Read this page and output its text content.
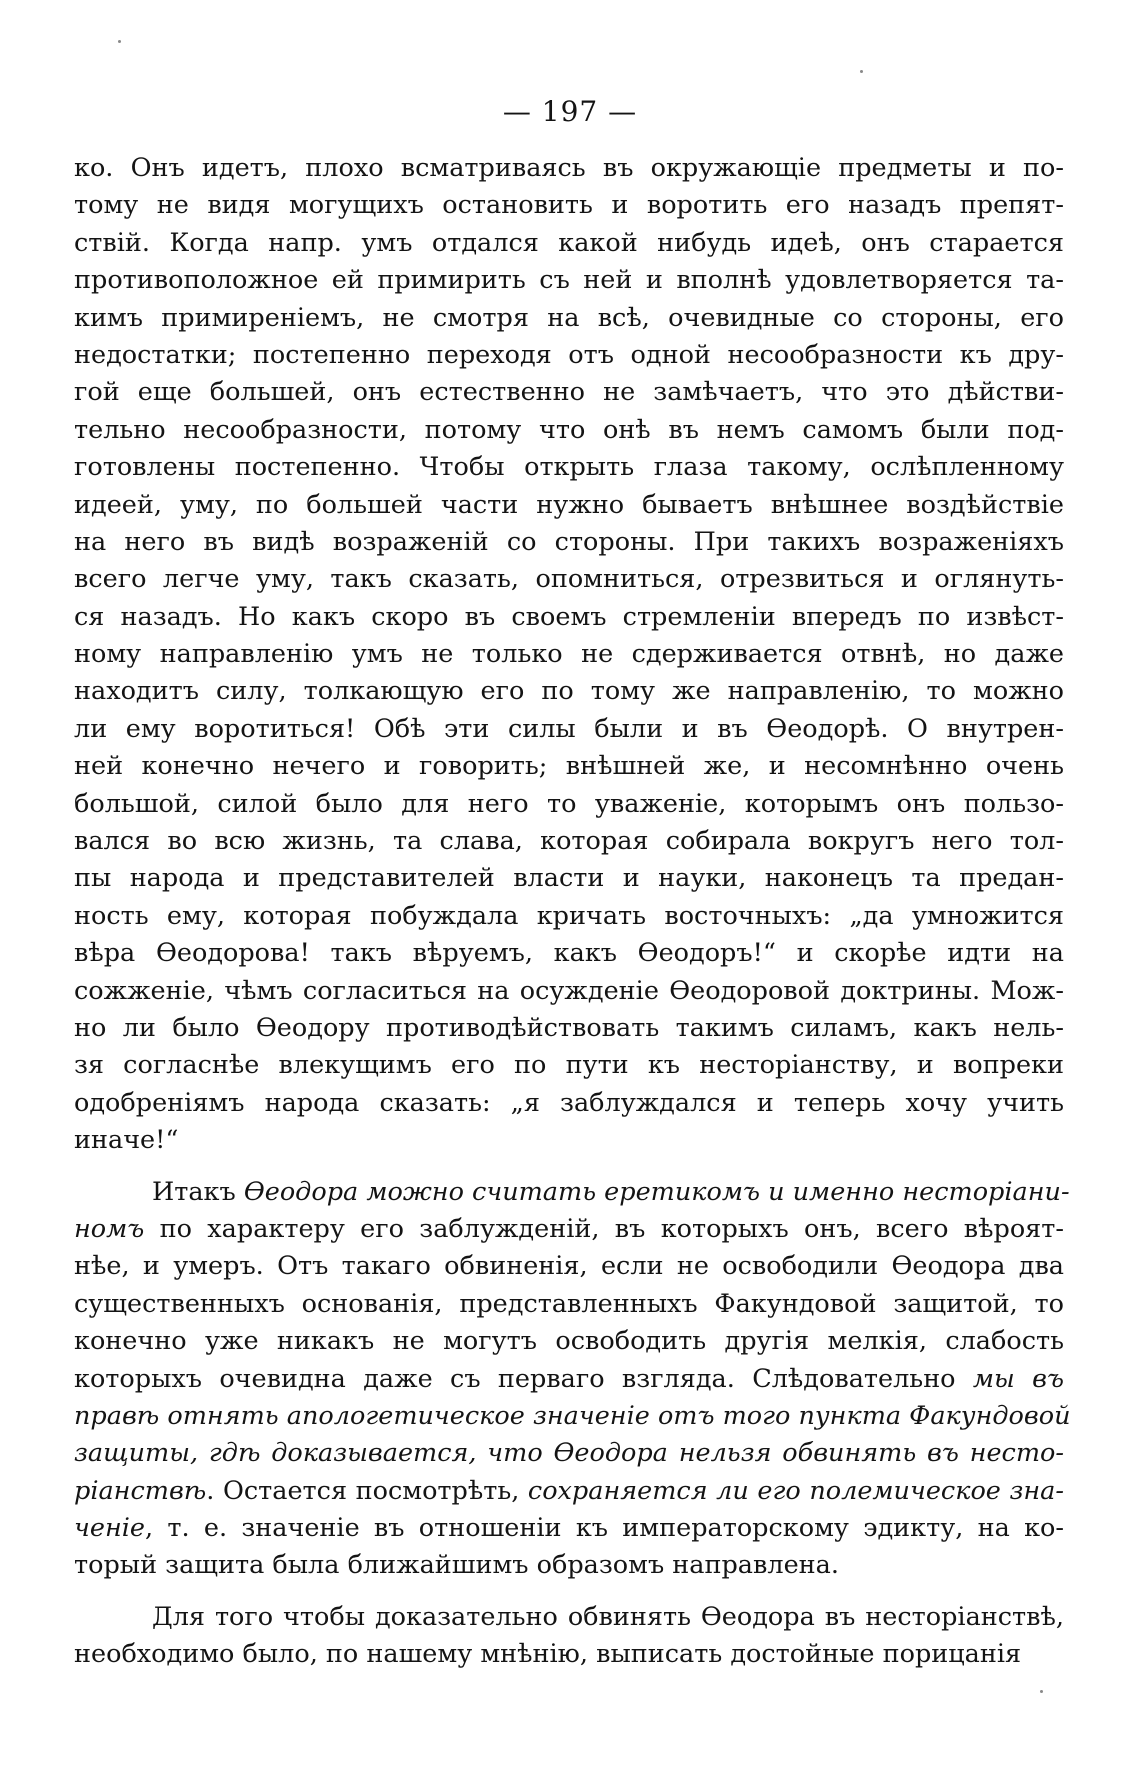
— 197 —
ко. Онъ идетъ, плохо всматриваясь въ окружающіе предметы и по-
тому не видя могущихъ остановить и воротить его назадъ препят-
ствій. Когда напр. умъ отдался какой нибудь идеѣ, онъ старается
противоположное ей примирить съ ней и вполнѣ удовлетворяется та-
кимъ примиреніемъ, не смотря на всѣ, очевидные со стороны, его
недостатки; постепенно переходя отъ одной несообразности къ дру-
гой еще большей, онъ естественно не замѣчаетъ, что это дѣйстви-
тельно несообразности, потому что онѣ въ немъ самомъ были под-
готовлены постепенно. Чтобы открыть глаза такому, ослѣпленному
идеей, уму, по большей части нужно бываетъ внѣшнее воздѣйствіе
на него въ видѣ возраженій со стороны. При такихъ возраженіяхъ
всего легче уму, такъ сказать, опомниться, отрезвиться и оглянуть-
ся назадъ. Но какъ скоро въ своемъ стремленіи впередъ по извѣст-
ному направленію умъ не только не сдерживается отвнѣ, но даже
находитъ силу, толкающую его по тому же направленію, то можно
ли ему воротиться! Обѣ эти силы были и въ Ѳеодорѣ. О внутрен-
ней конечно нечего и говорить; внѣшней же, и несомнѣнно очень
большой, силой было для него то уваженіе, которымъ онъ пользо-
вался во всю жизнь, та слава, которая собирала вокругъ него тол-
пы народа и представителей власти и науки, наконецъ та предан-
ность ему, которая побуждала кричать восточныхъ: „да умножится
вѣра Ѳеодорова! такъ вѣруемъ, какъ Ѳеодоръ!“ и скорѣе идти на
сожженіе, чѣмъ согласиться на осужденіе Ѳеодоровой доктрины. Мож-
но ли было Ѳеодору противодѣйствовать такимъ силамъ, какъ нель-
зя согласнѣе влекущимъ его по пути къ несторіанству, и вопреки
одобреніямъ народа сказать: „я заблуждался и теперь хочу учить
иначе!“
Итакъ Ѳеодора можно считать еретикомъ и именно несторіани-
номъ по характеру его заблужденій, въ которыхъ онъ, всего вѣроят-
нѣе, и умеръ. Отъ такаго обвиненія, если не освободили Ѳеодора два
существенныхъ основанія, представленныхъ Факундовой защитой, то
конечно уже никакъ не могутъ освободить другія мелкія, слабость
которыхъ очевидна даже съ перваго взгляда. Слѣдовательно мы въ
правѣ отнять апологетическое значеніе отъ того пункта Факундовой
защиты, гдѣ доказывается, что Ѳеодора нельзя обвинять въ несто-
ріанствѣ. Остается посмотрѣть, сохраняется ли его полемическое зна-
ченіе, т. е. значеніе въ отношеніи къ императорскому эдикту, на ко-
торый защита была ближайшимъ образомъ направлена.
Для того чтобы доказательно обвинять Ѳеодора въ несторіанствѣ,
необходимо было, по нашему мнѣнію, выписать достойные порицанія
